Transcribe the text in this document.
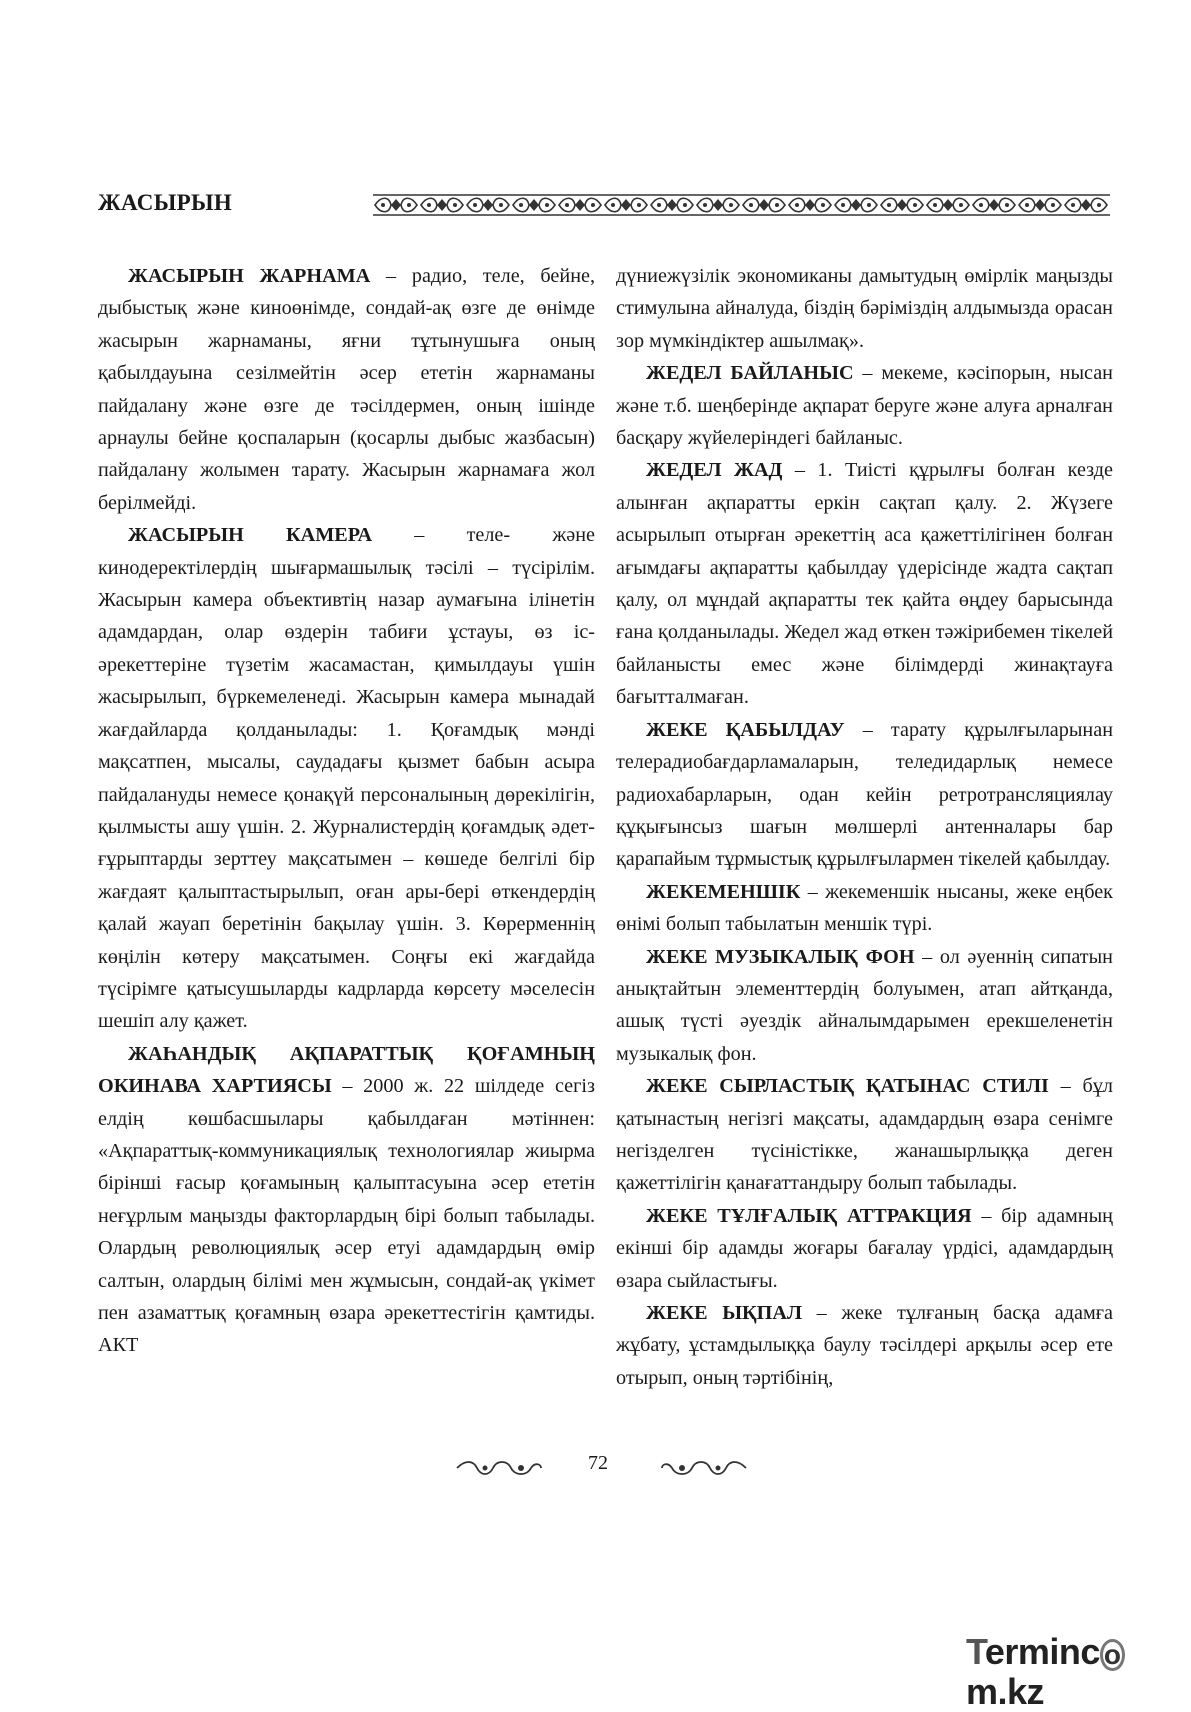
ЖАСЫРЫН

ЖАСЫРЫН ЖАРНАМА – радио, теле, бейне, дыбыстық және киноөнімде, сондай-ақ өзге де өнімде жасырын жарнаманы, яғни тұтынушыға оның қабылдауына сезілмейтін әсер ететін жарнаманы пайдалану және өзге де тәсілдермен, оның ішінде арнаулы бейне қоспаларын (қосарлы дыбыс жазбасын) пайдалану жолымен тарату. Жасырын жарнамаға жол берілмейді.

ЖАСЫРЫН КАМЕРА – теле- және кинодеректілердің шығармашылық тәсілі – түсірілім. Жасырын камера объективтің назар аумағына ілінетін адамдардан, олар өздерін табиғи ұстауы, өз іс-әрекеттеріне түзетім жасамастан, қимылдауы үшін жасырылып, бүркемеленеді. Жасырын камера мынадай жағдайларда қолданылады: 1. Қоғамдық мәнді мақсатпен, мысалы, саудадағы қызмет бабын асыра пайдалануды немесе қонақүй персоналының дөрекілігін, қылмысты ашу үшін. 2. Журналистердің қоғамдық әдет-ғұрыптарды зерттеу мақсатымен – көшеде белгілі бір жағдаят қалыптастырылып, оған ары-бері өткендердің қалай жауап беретінін бақылау үшін. 3. Көрерменнің көңілін көтеру мақсатымен. Соңғы екі жағдайда түсірімге қатысушыларды кадрларда көрсету мәселесін шешіп алу қажет.

ЖАҺАНДЫҚ АҚПАРАТТЫҚ ҚОҒАМНЫҢ ОКИНАВА ХАРТИЯСЫ – 2000 ж. 22 шілдеде сегіз елдің көшбасшылары қабылдаған мәтіннен: «Ақпараттық-коммуникациялық технологиялар жиырма бірінші ғасыр қоғамының қалыптасуына әсер ететін неғұрлым маңызды факторлардың бірі болып табылады. Олардың революциялық әсер етуі адамдардың өмір салтын, олардың білімі мен жұмысын, сондай-ақ үкімет пен азаматтық қоғамның өзара әрекеттестігін қамтиды. АКТ

дүниежүзілік экономиканы дамытудың өмірлік маңызды стимулына айналуда, біздің бәріміздің алдымызда орасан зор мүмкіндіктер ашылмақ».

ЖЕДЕЛ БАЙЛАНЫС – мекеме, кәсіпорын, нысан және т.б. шеңберінде ақпарат беруге және алуға арналған басқару жүйелеріндегі байланыс.

ЖЕДЕЛ ЖАД – 1. Тиісті құрылғы болған кезде алынған ақпаратты еркін сақтап қалу. 2. Жүзеге асырылып отырған әрекеттің аса қажеттілігінен болған ағымдағы ақпаратты қабылдау үдерісінде жадта сақтап қалу, ол мұндай ақпаратты тек қайта өңдеу барысында ғана қолданылады. Жедел жад өткен тәжірибемен тікелей байланысты емес және білімдерді жинақтауға бағытталмаған.

ЖЕКЕ ҚАБЫЛДАУ – тарату құрылғыларынан телерадиобағдарламаларын, теледидарлық немесе радиохабарларын, одан кейін ретротрансляциялау құқығынсыз шағын мөлшерлі антенналары бар қарапайым тұрмыстық құрылғылармен тікелей қабылдау.

ЖЕКЕМЕНШІК – жекеменшік нысаны, жеке еңбек өнімі болып табылатын меншік түрі.

ЖЕКЕ МУЗЫКАЛЫҚ ФОН – ол әуеннің сипатын анықтайтын элементтердің болуымен, атап айтқанда, ашық түсті әуездік айналымдарымен ерекшеленетін музыкалық фон.

ЖЕКЕ СЫРЛАСТЫҚ ҚАТЫНАС СТИЛІ – бұл қатынастың негізгі мақсаты, адамдардың өзара сенімге негізделген түсіністікке, жанашырлыққа деген қажеттілігін қанағаттандыру болып табылады.

ЖЕКЕ ТҰЛҒАЛЫҚ АТТРАКЦИЯ – бір адамның екінші бір адамды жоғары бағалау үрдісі, адамдардың өзара сыйластығы.

ЖЕКЕ ЫҚПАЛ – жеке тұлғаның басқа адамға жұбату, ұстамдылыққа баулу тәсілдері арқылы әсер ете отырып, оның тәртібінің,

72
Terminc om.kz
